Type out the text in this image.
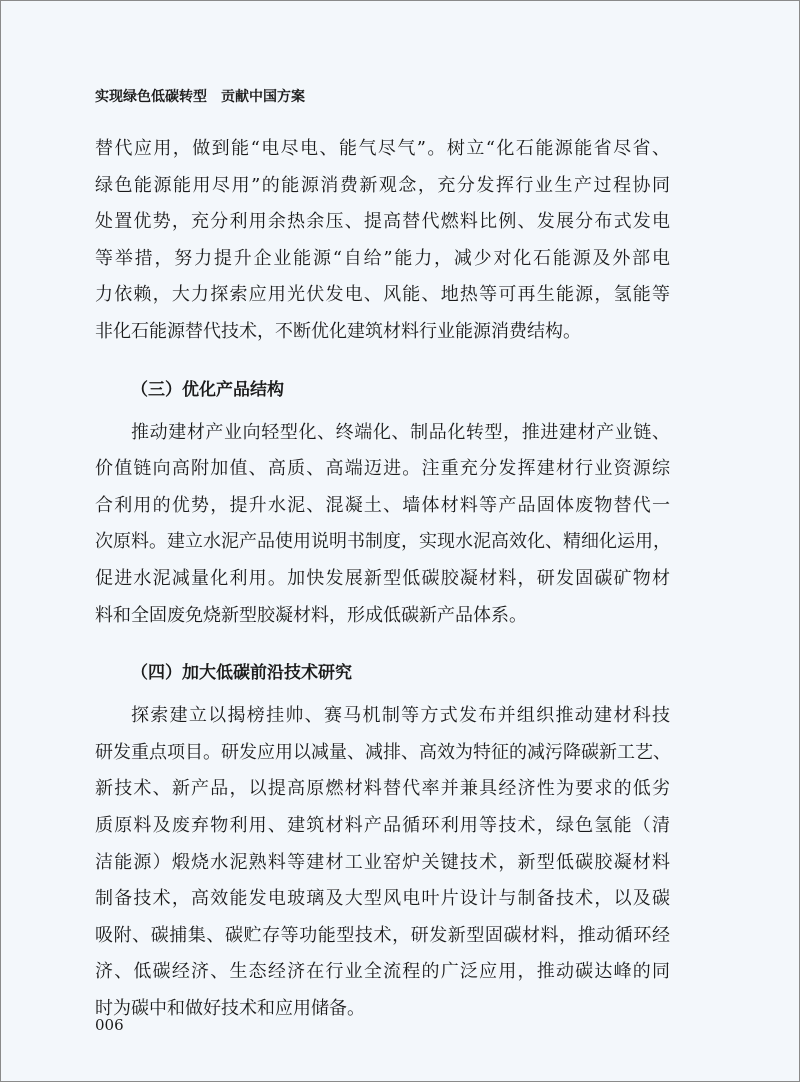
实现绿色低碳转型 贡献中国方案
替代应用，做到能“电尽电、能气尽气”。树立“化石能源能省尽省、
绿色能源能用尽用”的能源消费新观念，充分发挥行业生产过程协同
处置优势，充分利用余热余压、提高替代燃料比例、发展分布式发电
等举措，努力提升企业能源“自给”能力，减少对化石能源及外部电
力依赖，大力探索应用光伏发电、风能、地热等可再生能源，氢能等
非化石能源替代技术，不断优化建筑材料行业能源消费结构。
（三）优化产品结构
推动建材产业向轻型化、终端化、制品化转型，推进建材产业链、
价值链向高附加值、高质、高端迈进。注重充分发挥建材行业资源综
合利用的优势，提升水泥、混凝土、墙体材料等产品固体废物替代一
次原料。建立水泥产品使用说明书制度，实现水泥高效化、精细化运用，
促进水泥减量化利用。加快发展新型低碳胶凝材料，研发固碳矿物材
料和全固废免烧新型胶凝材料，形成低碳新产品体系。
（四）加大低碳前沿技术研究
探索建立以揭榜挂帅、赛马机制等方式发布并组织推动建材科技
研发重点项目。研发应用以减量、减排、高效为特征的减污降碳新工艺、
新技术、新产品，以提高原燃材料替代率并兼具经济性为要求的低劣
质原料及废弃物利用、建筑材料产品循环利用等技术，绿色氢能（清
洁能源）煅烧水泥熟料等建材工业窑炉关键技术，新型低碳胶凝材料
制备技术，高效能发电玻璃及大型风电叶片设计与制备技术，以及碳
吸附、碳捕集、碳贮存等功能型技术，研发新型固碳材料，推动循环经
济、低碳经济、生态经济在行业全流程的广泛应用，推动碳达峰的同
时为碳中和做好技术和应用储备。
006
